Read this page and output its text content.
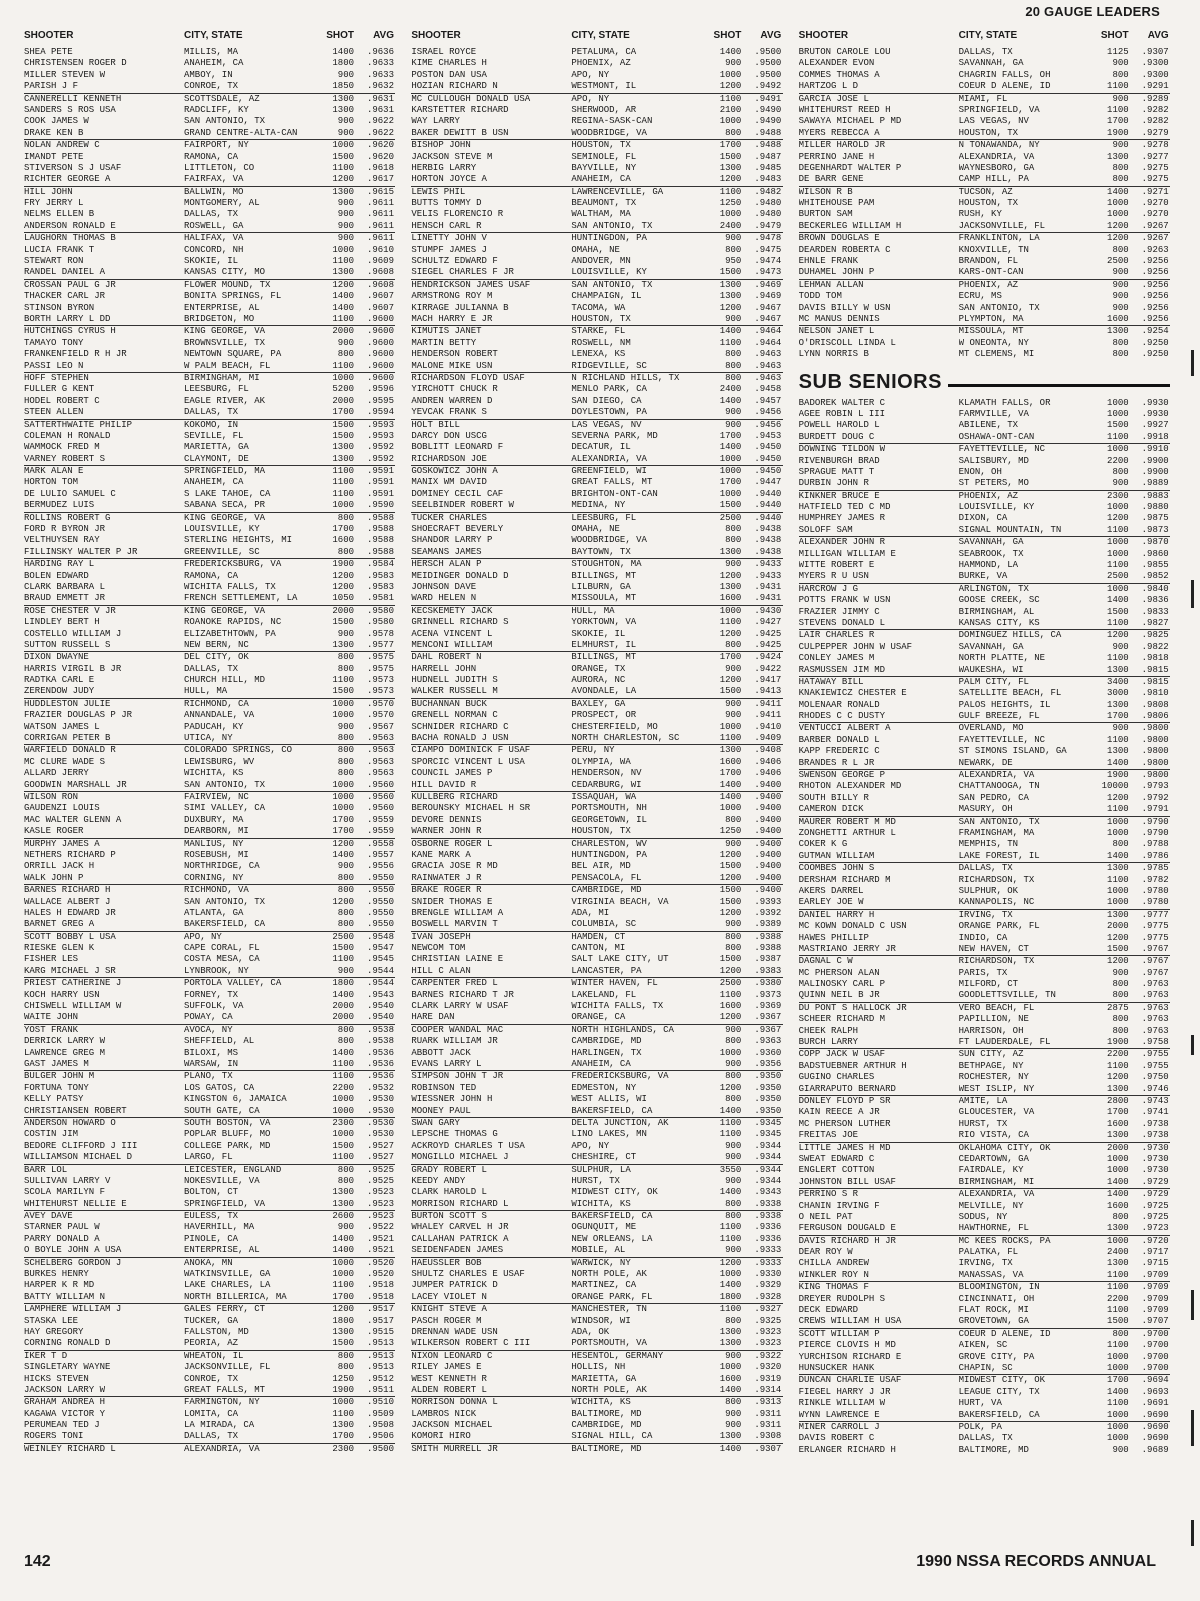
20 GAUGE LEADERS
SHOOTER	CITY, STATE	SHOT	AVG
SHEA PETE	MILLIS, MA	1400	.9636
CHRISTENSEN ROGER D	ANAHEIM, CA	1800	.9633
MILLER STEVEN W	AMBOY, IN	900	.9633
PARISH J F	CONROE, TX	1850	.9632
CANNERELLI KENNETH	SCOTTSDALE, AZ	1300	.9631
SANDERS S ROS USA	RADCLIFF, KY	1300	.9631
COOK JAMES W	SAN ANTONIO, TX	900	.9622
DRAKE KEN B	GRAND CENTRE-ALTA-CAN	900	.9622
NOLAN ANDREW C	FAIRPORT, NY	1000	.9620
IMANDT PETE	RAMONA, CA	1500	.9620
STIVERSON S J USAF	LITTLETON, CO	1100	.9618
RICHTER GEORGE A	FAIRFAX, VA	1200	.9617
HILL JOHN	BALLWIN, MO	1300	.9615
FRY JERRY L	MONTGOMERY, AL	900	.9611
NELMS ELLEN B	DALLAS, TX	900	.9611
ANDERSON RONALD E	ROSWELL, GA	900	.9611
LAUGHORN THOMAS B	HALIFAX, VA	900	.9611
LUCIA FRANK T	CONCORD, NH	1000	.9610
STEWART RON	SKOKIE, IL	1100	.9609
RANDEL DANIEL A	KANSAS CITY, MO	1300	.9608
CROSSAN PAUL G JR	FLOWER MOUND, TX	1200	.9608
THACKER CARL JR	BONITA SPRINGS, FL	1400	.9607
STINSON BYRON	ENTERPRISE, AL	1400	.9607
BORTH LARRY L DD	BRIDGETON, MO	1100	.9600
HUTCHINGS CYRUS H	KING GEORGE, VA	2000	.9600
TAMAYO TONY	BROWNSVILLE, TX	900	.9600
FRANKENFIELD R H JR	NEWTOWN SQUARE, PA	800	.9600
PASSI LEO N	W PALM BEACH, FL	1100	.9600
HOFF STEPHEN	BIRMINGHAM, MI	1000	.9600
FULLER G KENT	LEESBURG, FL	5200	.9596
HODEL ROBERT C	EAGLE RIVER, AK	2000	.9595
STEEN ALLEN	DALLAS, TX	1700	.9594
SATTERTHWAITE PHILIP	KOKOMO, IN	1500	.9593
COLEMAN H RONALD	SEVILLE, FL	1500	.9593
WAMMOCK FRED M	MARIETTA, GA	1300	.9592
VARNEY ROBERT S	CLAYMONT, DE	1300	.9592
MARK ALAN E	SPRINGFIELD, MA	1100	.9591
HORTON TOM	ANAHEIM, CA	1100	.9591
DE LULIO SAMUEL C	S LAKE TAHOE, CA	1100	.9591
BERMUDEZ LUIS	SABANA SECA, PR	1000	.9590
ROLLINS ROBERT G	KING GEORGE, VA	800	.9588
FORD R BYRON JR	LOUISVILLE, KY	1700	.9588
VELTHUYSEN RAY	STERLING HEIGHTS, MI	1600	.9588
FILLINSKY WALTER P JR	GREENVILLE, SC	800	.9588
HARDING RAY L	FREDERICKSBURG, VA	1900	.9584
BOLEN EDWARD	RAMONA, CA	1200	.9583
CLARK BARBARA L	WICHITA FALLS, TX	1200	.9583
BRAUD EMMETT JR	FRENCH SETTLEMENT, LA	1050	.9581
ROSE CHESTER V JR	KING GEORGE, VA	2000	.9580
LINDLEY BERT H	ROANOKE RAPIDS, NC	1500	.9580
COSTELLO WILLIAM J	ELIZABETHTOWN, PA	900	.9578
SUTTON RUSSELL S	NEW BERN, NC	1300	.9577
DIXON DWAYNE	DEL CITY, OK	800	.9575
HARRIS VIRGIL B JR	DALLAS, TX	800	.9575
RADTKA CARL E	CHURCH HILL, MD	1100	.9573
ZERENDOW JUDY	HULL, MA	1500	.9573
HUDDLESTON JULIE	RICHMOND, CA	1000	.9570
FRAZIER DOUGLAS P JR	ANNANDALE, VA	1000	.9570
WATSON JAMES L	PADUCAH, KY	900	.9567
CORRIGAN PETER B	UTICA, NY	800	.9563
WARFIELD DONALD R	COLORADO SPRINGS, CO	800	.9563
MC CLURE WADE S	LEWISBURG, WV	800	.9563
ALLARD JERRY	WICHITA, KS	800	.9563
GOODWIN MARSHALL JR	SAN ANTONIO, TX	1000	.9560
WILSON RON	FAIRVIEW, NC	1000	.9560
GAUDENZI LOUIS	SIMI VALLEY, CA	1000	.9560
MAC WALTER GLENN A	DUXBURY, MA	1700	.9559
KASLE ROGER	DEARBORN, MI	1700	.9559
MURPHY JAMES A	MANLIUS, NY	1200	.9558
NETHERS RICHARD P	ROSEBUSH, MI	1400	.9557
ORRILL JACK H	NORTHRIDGE, CA	900	.9556
WALK JOHN P	CORNING, NY	800	.9550
BARNES RICHARD H	RICHMOND, VA	800	.9550
WALLACE ALBERT J	SAN ANTONIO, TX	1200	.9550
HALES H EDWARD JR	ATLANTA, GA	800	.9550
BARNET GREG A	BAKERSFIELD, CA	800	.9550
SCOTT BOBBY L USA	APO, NY	2500	.9548
RIESKE GLEN K	CAPE CORAL, FL	1500	.9547
FISHER LES	COSTA MESA, CA	1100	.9545
KARG MICHAEL J SR	LYNBROOK, NY	900	.9544
PRIEST CATHERINE J	PORTOLA VALLEY, CA	1800	.9544
KOCH HARRY USN	FORNEY, TX	1400	.9543
CHISWELL WILLIAM W	SUFFOLK, VA	2000	.9540
WAITE JOHN	POWAY, CA	2000	.9540
YOST FRANK	AVOCA, NY	800	.9538
DERRICK LARRY W	SHEFFIELD, AL	800	.9538
LAWRENCE GREG M	BILOXI, MS	1400	.9536
GAST JAMES M	WARSAW, IN	1100	.9536
BULGER JOHN M	PLANO, TX	1100	.9536
FORTUNA TONY	LOS GATOS, CA	2200	.9532
KELLY PATSY	KINGSTON 6, JAMAICA	1000	.9530
CHRISTIANSEN ROBERT	SOUTH GATE, CA	1000	.9530
ANDERSON HOWARD O	SOUTH BOSTON, VA	2300	.9530
COSTIN JIM	POPLAR BLUFF, MO	1000	.9530
BEDORE CLIFFORD J III	COLLEGE PARK, MD	1500	.9527
WILLIAMSON MICHAEL D	LARGO, FL	1100	.9527
BARR LOL	LEICESTER, ENGLAND	800	.9525
SULLIVAN LARRY V	NOKESVILLE, VA	800	.9525
SCOLA MARILYN F	BOLTON, CT	1300	.9523
WHITEHURST NELLIE E	SPRINGFIELD, VA	1300	.9523
AVEY DAVE	EULESS, TX	2600	.9523
STARNER PAUL W	HAVERHILL, MA	900	.9522
PARRY DONALD A	PINOLE, CA	1400	.9521
O BOYLE JOHN A USA	ENTERPRISE, AL	1400	.9521
SCHELBERG GORDON J	ANOKA, MN	1000	.9520
BURKES HENRY	WATKINSVILLE, GA	1000	.9520
HARPER K R MD	LAKE CHARLES, LA	1100	.9518
BATTY WILLIAM N	NORTH BILLERICA, MA	1700	.9518
LAMPHERE WILLIAM J	GALES FERRY, CT	1200	.9517
STASKA LEE	TUCKER, GA	1800	.9517
HAY GREGORY	FALLSTON, MD	1300	.9515
CORNING RONALD D	PEORIA, AZ	1500	.9513
IKER T D	WHEATON, IL	800	.9513
SINGLETARY WAYNE	JACKSONVILLE, FL	800	.9513
HICKS STEVEN	CONROE, TX	1250	.9512
JACKSON LARRY W	GREAT FALLS, MT	1900	.9511
GRAHAM ANDREA H	FARMINGTON, NY	1000	.9510
KAGAWA VICTOR Y	LOMITA, CA	1100	.9509
PERUMEAN TED J	LA MIRADA, CA	1300	.9508
ROGERS TONI	DALLAS, TX	1700	.9506
WEINLEY RICHARD L	ALEXANDRIA, VA	2300	.9500
SHOOTER	CITY, STATE	SHOT	AVG
ISRAEL ROYCE	PETALUMA, CA	1400	.9500
KIME CHARLES H	PHOENIX, AZ	900	.9500
POSTON DAN USA	APO, NY	1000	.9500
HOZIAN RICHARD N	WESTMONT, IL	1200	.9492
MC CULLOUGH DONALD USA	APO, NY	1100	.9491
KARSTETTER RICHARD	SHERWOOD, AR	2100	.9490
WAY LARRY	REGINA-SASK-CAN	1000	.9490
BAKER DEWITT B USN	WOODBRIDGE, VA	800	.9488
BISHOP JOHN	HOUSTON, TX	1700	.9488
JACKSON STEVE M	SEMINOLE, FL	1500	.9487
HERBIG LARRY	BAYVILLE, NY	1300	.9485
HORTON JOYCE A	ANAHEIM, CA	1200	.9483
LEWIS PHIL	LAWRENCEVILLE, GA	1100	.9482
BUTTS TOMMY D	BEAUMONT, TX	1250	.9480
VELIS FLORENCIO R	WALTHAM, MA	1000	.9480
HENSCH CARL R	SAN ANTONIO, TX	2400	.9479
LINETTY JOHN V	HUNTINGDON, PA	900	.9478
STUMPF JAMES J	OMAHA, NE	800	.9475
SCHULTZ EDWARD F	ANDOVER, MN	950	.9474
SIEGEL CHARLES F JR	LOUISVILLE, KY	1500	.9473
HENDRICKSON JAMES USAF	SAN ANTONIO, TX	1300	.9469
ARMSTRONG ROY M	CHAMPAIGN, IL	1300	.9469
KIRRAGE JULIANNA B	TACOMA, WA	1200	.9467
MACH HARRY E JR	HOUSTON, TX	900	.9467
KIMUTIS JANET	STARKE, FL	1400	.9464
MARTIN BETTY	ROSWELL, NM	1100	.9464
HENDERSON ROBERT	LENEXA, KS	800	.9463
MALONE MIKE USN	RIDGEVILLE, SC	800	.9463
RICHARDSON FLOYD USAF	N RICHLAND HILLS, TX	800	.9463
YIRCHOTT CHUCK R	MENLO PARK, CA	2400	.9458
ANDREN WARREN D	SAN DIEGO, CA	1400	.9457
YEVCAK FRANK S	DOYLESTOWN, PA	900	.9456
HOLT BILL	LAS VEGAS, NV	900	.9456
DARCY DON USCG	SEVERNA PARK, MD	1700	.9453
BOBLITT LEONARD F	DECATUR, IL	1400	.9450
RICHARDSON JOE	ALEXANDRIA, VA	1000	.9450
GOSKOWICZ JOHN A	GREENFIELD, WI	1000	.9450
MANIX WM DAVID	GREAT FALLS, MT	1700	.9447
DOMINEY CECIL CAF	BRIGHTON-ONT-CAN	1000	.9440
SEELBINDER ROBERT W	MEDINA, NY	1500	.9440
TUCKER CHARLES	LEESBURG, FL	2500	.9440
SHOECRAFT BEVERLY	OMAHA, NE	800	.9438
SHANDOR LARRY P	WOODBRIDGE, VA	800	.9438
SEAMANS JAMES	BAYTOWN, TX	1300	.9438
HERSCH ALAN P	STOUGHTON, MA	900	.9433
MEIDINGER DONALD D	BILLINGS, MT	1200	.9433
JOHNSON DAVE	LILBURN, GA	1300	.9431
WARD HELEN N	MISSOULA, MT	1600	.9431
KECSKEMETY JACK	HULL, MA	1000	.9430
GRINNELL RICHARD S	YORKTOWN, VA	1100	.9427
ACENA VINCENT L	SKOKIE, IL	1200	.9425
MENCONI WILLIAM	ELMHURST, IL	800	.9425
DAHL ROBERT N	BILLINGS, MT	1700	.9424
HARRELL JOHN	ORANGE, TX	900	.9422
HUDNELL JUDITH S	AURORA, NC	1200	.9417
WALKER RUSSELL M	AVONDALE, LA	1500	.9413
BUCHANNAN BUCK	BAXLEY, GA	900	.9411
GRENELL NORMAN C	PROSPECT, OR	900	.9411
SCHNIDER RICHARD C	CHESTERFIELD, MO	1000	.9410
BACHA RONALD J USN	NORTH CHARLESTON, SC	1100	.9409
CIAMPO DOMINICK F USAF	PERU, NY	1300	.9408
SPORCIC VINCENT L USA	OLYMPIA, WA	1600	.9406
COUNCIL JAMES P	HENDERSON, NV	1700	.9406
HILL DAVID R	CEDARBURG, WI	1400	.9400
KULLBERG RICHARD	ISSAQUAH, WA	1400	.9400
BEROUNSKY MICHAEL H SR	PORTSMOUTH, NH	1000	.9400
DEVORE DENNIS	GEORGETOWN, IL	800	.9400
WARNER JOHN R	HOUSTON, TX	1250	.9400
OSBORNE ROGER L	CHARLESTON, WV	900	.9400
KANE MARK A	HUNTINGDON, PA	1200	.9400
GRACIA JOSE R MD	BEL AIR, MD	1500	.9400
RAINWATER J R	PENSACOLA, FL	1200	.9400
BRAKE ROGER R	CAMBRIDGE, MD	1500	.9400
SNIDER THOMAS E	VIRGINIA BEACH, VA	1500	.9393
BRENGLE WILLIAM A	ADA, MI	1200	.9392
BOSWELL MARVIN T	COLUMBIA, SC	900	.9389
IVAN JOSEPH	HAMDEN, CT	800	.9388
NEWCOM TOM	CANTON, MI	800	.9388
CHRISTIAN LAINE E	SALT LAKE CITY, UT	1500	.9387
HILL C ALAN	LANCASTER, PA	1200	.9383
CARPENTER FRED L	WINTER HAVEN, FL	2500	.9380
BARNES RICHARD T JR	LAKELAND, FL	1100	.9373
CLARK LARRY W USAF	WICHITA FALLS, TX	1600	.9369
HARE DAN	ORANGE, CA	1200	.9367
COOPER WANDAL MAC	NORTH HIGHLANDS, CA	900	.9367
RUARK WILLIAM JR	CAMBRIDGE, MD	800	.9363
ABBOTT JACK	HARLINGEN, TX	1000	.9360
EVANS LARRY L	ANAHEIM, CA	900	.9356
SIMPSON JOHN T JR	FREDERICKSBURG, VA	800	.9350
ROBINSON TED	EDMESTON, NY	1200	.9350
WIESSNER JOHN H	WEST ALLIS, WI	800	.9350
MOONEY PAUL	BAKERSFIELD, CA	1400	.9350
SWAN GARY	DELTA JUNCTION, AK	1100	.9345
LEPSCHE THOMAS G	LINO LAKES, MN	1100	.9345
ACKROYD CHARLES T USA	APO, NY	900	.9344
MONGILLO MICHAEL J	CHESHIRE, CT	900	.9344
GRADY ROBERT L	SULPHUR, LA	3550	.9344
KEEDY ANDY	HURST, TX	900	.9344
CLARK HAROLD L	MIDWEST CITY, OK	1400	.9343
MORRISON RICHARD L	WICHITA, KS	800	.9338
BURTON SCOTT S	BAKERSFIELD, CA	800	.9338
WHALEY CARVEL H JR	OGUNQUIT, ME	1100	.9336
CALLAHAN PATRICK A	NEW ORLEANS, LA	1100	.9336
SEIDENFADEN JAMES	MOBILE, AL	900	.9333
HAEUSSLER BOB	WARWICK, NY	1200	.9333
SHULTZ CHARLES E USAF	NORTH POLE, AK	1000	.9330
JUMPER PATRICK D	MARTINEZ, CA	1400	.9329
LACEY VIOLET N	ORANGE PARK, FL	1800	.9328
KNIGHT STEVE A	MANCHESTER, TN	1100	.9327
PASCH ROGER M	WINDSOR, WI	800	.9325
DRENNAN WADE USN	ADA, OK	1300	.9323
WILKERSON ROBERT C III	PORTSMOUTH, VA	1300	.9323
NIXON LEONARD C	HESENTOL, GERMANY	900	.9322
RILEY JAMES E	HOLLIS, NH	1000	.9320
WEST KENNETH R	MARIETTA, GA	1600	.9319
ALDEN ROBERT L	NORTH POLE, AK	1400	.9314
MORRISON DONNA L	WICHITA, KS	800	.9313
LAMBROS NICK	BALTIMORE, MD	900	.9311
JACKSON MICHAEL	CAMBRIDGE, MD	900	.9311
KOMORI HIRO	SIGNAL HILL, CA	1300	.9308
SMITH MURRELL JR	BALTIMORE, MD	1400	.9307
SHOOTER	CITY, STATE	SHOT	AVG
BRUTON CAROLE LOU	DALLAS, TX	1125	.9307
ALEXANDER EVON	SAVANNAH, GA	900	.9300
COMMES THOMAS A	CHAGRIN FALLS, OH	800	.9300
HARTZOG L D	COEUR D ALENE, ID	1100	.9291
GARCIA JOSE L	MIAMI, FL	900	.9289
WHITEHURST REED H	SPRINGFIELD, VA	1100	.9282
SAWAYA MICHAEL P MD	LAS VEGAS, NV	1700	.9282
MYERS REBECCA A	HOUSTON, TX	1900	.9279
MILLER HAROLD JR	N TONAWANDA, NY	900	.9278
PERRINO JANE H	ALEXANDRIA, VA	1300	.9277
DEGENHARDT WALTER P	WAYNESBORO, GA	800	.9275
DE BARR GENE	CAMP HILL, PA	800	.9275
WILSON R B	TUCSON, AZ	1400	.9271
WHITEHOUSE PAM	HOUSTON, TX	1000	.9270
BURTON SAM	RUSH, KY	1000	.9270
BECKERLEG WILLIAM H	JACKSONVILLE, FL	1200	.9267
BROWN DOUGLAS E	FRANKLINTON, LA	1200	.9267
DEARDEN ROBERTA C	KNOXVILLE, TN	800	.9263
EHNLE FRANK	BRANDON, FL	2500	.9256
DUHAMEL JOHN P	KARS-ONT-CAN	900	.9256
LEHMAN ALLAN	PHOENIX, AZ	900	.9256
TODD TOM	ECRU, MS	900	.9256
DAVIS BILLY W USN	SAN ANTONIO, TX	900	.9256
MC MANUS DENNIS	PLYMPTON, MA	1600	.9256
NELSON JANET L	MISSOULA, MT	1300	.9254
O'DRISCOLL LINDA L	W ONEONTA, NY	800	.9250
LYNN NORRIS B	MT CLEMENS, MI	800	.9250
SUB SENIORS
BADOREK WALTER C	KLAMATH FALLS, OR	1000	.9930
AGEE ROBIN L III	FARMVILLE, VA	1000	.9930
POWELL HAROLD L	ABILENE, TX	1500	.9927
BURDETT DOUG C	OSHAWA-ONT-CAN	1100	.9918
DOWNING TILDON W	FAYETTEVILLE, NC	1000	.9910
RIVENBURGH BRAD	SALISBURY, MD	2200	.9900
SPRAGUE MATT T	ENON, OH	800	.9900
DURBIN JOHN R	ST PETERS, MO	900	.9889
KINKNER BRUCE E	PHOENIX, AZ	2300	.9883
HATFIELD TED C MD	LOUISVILLE, KY	1000	.9880
HUMPHREY JAMES R	DIXON, CA	1200	.9875
SOLOFF SAM	SIGNAL MOUNTAIN, TN	1100	.9873
ALEXANDER JOHN R	SAVANNAH, GA	1000	.9870
MILLIGAN WILLIAM E	SEABROOK, TX	1000	.9860
WITTE ROBERT E	HAMMOND, LA	1100	.9855
MYERS R U USN	BURKE, VA	2500	.9852
HARCROW J G	ARLINGTON, TX	1000	.9840
POTTS FRANK W USN	GOOSE CREEK, SC	1400	.9836
FRAZIER JIMMY C	BIRMINGHAM, AL	1500	.9833
STEVENS DONALD L	KANSAS CITY, KS	1100	.9827
LAIR CHARLES R	DOMINGUEZ HILLS, CA	1200	.9825
CULPEPPER JOHN W USAF	SAVANNAH, GA	900	.9822
CONLEY JAMES M	NORTH PLATTE, NE	1100	.9818
RASMUSSEN JIM MD	WAUKESHA, WI	1300	.9815
HATAWAY BILL	PALM CITY, FL	3400	.9815
KNAKIEWICZ CHESTER E	SATELLITE BEACH, FL	3000	.9810
MOLENAAR RONALD	PALOS HEIGHTS, IL	1300	.9808
RHODES C C DUSTY	GULF BREEZE, FL	1700	.9806
VENTUCCI ALBERT A	OVERLAND, MO	900	.9800
BARBER DONALD L	FAYETTEVILLE, NC	1100	.9800
KAPP FREDERIC C	ST SIMONS ISLAND, GA	1300	.9800
BRANDES R L JR	NEWARK, DE	1400	.9800
SWENSON GEORGE P	ALEXANDRIA, VA	1900	.9800
RHOTON ALEXANDER MD	CHATTANOOGA, TN	10000	.9793
SOUTH BILLY R	SAN PEDRO, CA	1200	.9792
CAMERON DICK	MASURY, OH	1100	.9791
MAURER ROBERT M MD	SAN ANTONIO, TX	1000	.9790
ZONGHETTI ARTHUR L	FRAMINGHAM, MA	1000	.9790
COKER K G	MEMPHIS, TN	800	.9788
GUTMAN WILLIAM	LAKE FOREST, IL	1400	.9786
COOMBES JOHN S	DALLAS, TX	1300	.9785
DERSHAM RICHARD M	RICHARDSON, TX	1100	.9782
AKERS DARREL	SULPHUR, OK	1000	.9780
EARLEY JOE W	KANNAPOLIS, NC	1000	.9780
DANIEL HARRY H	IRVING, TX	1300	.9777
MC KOWN DONALD C USN	ORANGE PARK, FL	2000	.9775
HAWES PHILLIP	INDIO, CA	1200	.9775
MASTRIANO JERRY JR	NEW HAVEN, CT	1500	.9767
DAGNAL C W	RICHARDSON, TX	1200	.9767
MC PHERSON ALAN	PARIS, TX	900	.9767
MALINOSKY CARL P	MILFORD, CT	800	.9763
QUINN NEIL B JR	GOODLETTSVILLE, TN	800	.9763
DU PONT S HALLOCK JR	VERO BEACH, FL	2875	.9763
SCHEER RICHARD M	PAPILLION, NE	800	.9763
CHEEK RALPH	HARRISON, OH	800	.9763
BURCH LARRY	FT LAUDERDALE, FL	1900	.9758
COPP JACK W USAF	SUN CITY, AZ	2200	.9755
BADSTUEBNER ARTHUR H	BETHPAGE, NY	1100	.9755
GUGINO CHARLES	ROCHESTER, NY	1200	.9750
GIARRAPUTO BERNARD	WEST ISLIP, NY	1300	.9746
DONLEY FLOYD P SR	AMITE, LA	2800	.9743
KAIN REECE A JR	GLOUCESTER, VA	1700	.9741
MC PHERSON LUTHER	HURST, TX	1600	.9738
FREITAS JOE	RIO VISTA, CA	1300	.9738
LITTLE JAMES H MD	OKLAHOMA CITY, OK	2000	.9730
SWEAT EDWARD C	CEDARTOWN, GA	1000	.9730
ENGLERT COTTON	FAIRDALE, KY	1000	.9730
JOHNSTON BILL USAF	BIRMINGHAM, MI	1400	.9729
PERRINO S R	ALEXANDRIA, VA	1400	.9729
CHANIN IRVING F	MELVILLE, NY	1600	.9725
O NEIL PAT	SODUS, NY	800	.9725
FERGUSON DOUGALD E	HAWTHORNE, FL	1300	.9723
DAVIS RICHARD H JR	MC KEES ROCKS, PA	1000	.9720
DEAR ROY W	PALATKA, FL	2400	.9717
CHILLA ANDREW	IRVING, TX	1300	.9715
WINKLER ROY N	MANASSAS, VA	1100	.9709
KING THOMAS F	BLOOMINGTON, IN	1100	.9709
DREYER RUDOLPH S	CINCINNATI, OH	2200	.9709
DECK EDWARD	FLAT ROCK, MI	1100	.9709
CREWS WILLIAM H USA	GROVETOWN, GA	1500	.9707
SCOTT WILLIAM P	COEUR D ALENE, ID	800	.9700
PIERCE CLOVIS H MD	AIKEN, SC	1100	.9700
YURCHISON RICHARD E	GROVE CITY, PA	1000	.9700
HUNSUCKER HANK	CHAPIN, SC	1000	.9700
DUNCAN CHARLIE USAF	MIDWEST CITY, OK	1700	.9694
FIEGEL HARRY J JR	LEAGUE CITY, TX	1400	.9693
RINKLE WILLIAM W	HURT, VA	1100	.9691
WYNN LAWRENCE E	BAKERSFIELD, CA	1000	.9690
MINER CARROLL J	POLK, PA	1000	.9690
DAVIS ROBERT C	DALLAS, TX	1000	.9690
ERLANGER RICHARD H	BALTIMORE, MD	900	.9689
142	1990 NSSA RECORDS ANNUAL
